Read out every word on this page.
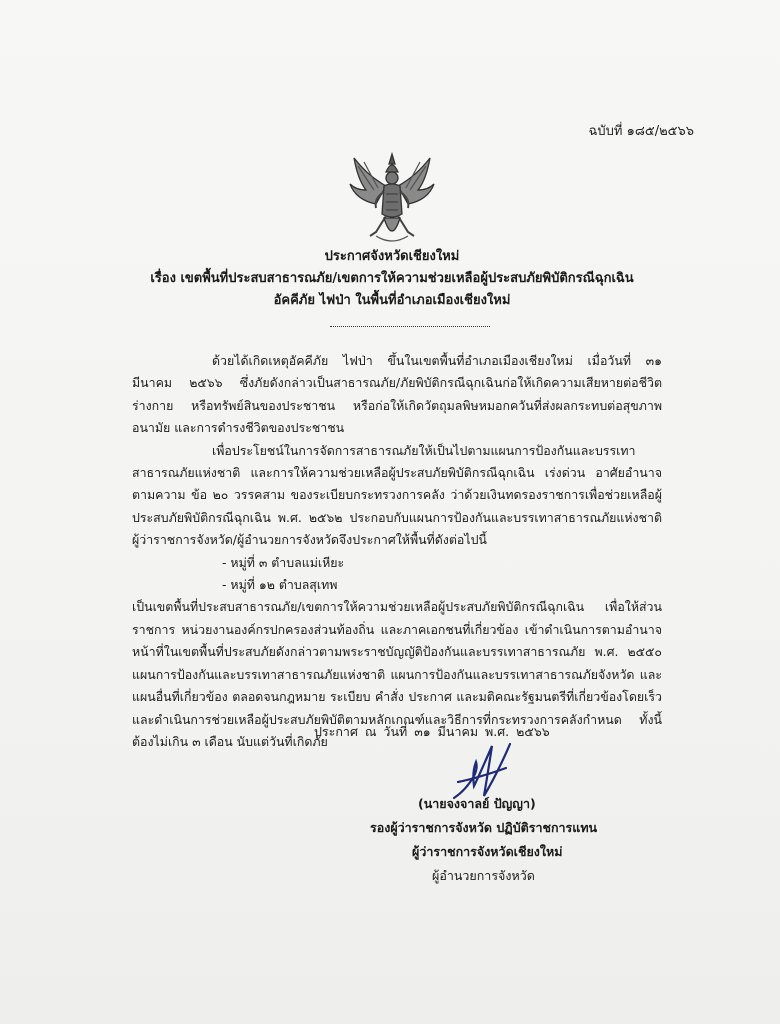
ฉบับที่ ๑๘๕/๒๕๖๖
ประกาศจังหวัดเชียงใหม่
เรื่อง เขตพื้นที่ประสบสาธารณภัย/เขตการให้ความช่วยเหลือผู้ประสบภัยพิบัติกรณีฉุกเฉิน
อัคคีภัย ไฟป่า ในพื้นที่อำเภอเมืองเชียงใหม่

ด้วยได้เกิดเหตุอัคคีภัย ไฟป่า ขึ้นในเขตพื้นที่อำเภอเมืองเชียงใหม่ เมื่อวันที่ ๓๑ มีนาคม ๒๕๖๖ ซึ่งภัยดังกล่าวเป็นสาธารณภัย/ภัยพิบัติกรณีฉุกเฉินก่อให้เกิดความเสียหายต่อชีวิต ร่างกาย หรือทรัพย์สินของประชาชน หรือก่อให้เกิดวัตถุมลพิษหมอกควันที่ส่งผลกระทบต่อสุขภาพอนามัย และการดำรงชีวิตของประชาชน

เพื่อประโยชน์ในการจัดการสาธารณภัยให้เป็นไปตามแผนการป้องกันและบรรเทาสาธารณภัยแห่งชาติ และการให้ความช่วยเหลือผู้ประสบภัยพิบัติกรณีฉุกเฉิน เร่งด่วน อาศัยอำนาจตามความ ข้อ ๒๐ วรรคสาม ของระเบียบกระทรวงการคลัง ว่าด้วยเงินทดรองราชการเพื่อช่วยเหลือผู้ประสบภัยพิบัติกรณีฉุกเฉิน พ.ศ. ๒๕๖๒ ประกอบกับแผนการป้องกันและบรรเทาสาธารณภัยแห่งชาติ ผู้ว่าราชการจังหวัด/ผู้อำนวยการจังหวัดจึงประกาศให้พื้นที่ดังต่อไปนี้

- หมู่ที่ ๓ ตำบลแม่เหียะ
- หมู่ที่ ๑๒ ตำบลสุเทพ

เป็นเขตพื้นที่ประสบสาธารณภัย/เขตการให้ความช่วยเหลือผู้ประสบภัยพิบัติกรณีฉุกเฉิน เพื่อให้ส่วนราชการ หน่วยงานองค์กรปกครองส่วนท้องถิ่น และภาคเอกชนที่เกี่ยวข้อง เข้าดำเนินการตามอำนาจหน้าที่ในเขตพื้นที่ประสบภัยดังกล่าวตามพระราชบัญญัติป้องกันและบรรเทาสาธารณภัย พ.ศ. ๒๕๕๐ แผนการป้องกันและบรรเทาสาธารณภัยแห่งชาติ แผนการป้องกันและบรรเทาสาธารณภัยจังหวัด และแผนอื่นที่เกี่ยวข้อง ตลอดจนกฎหมาย ระเบียบ คำสั่ง ประกาศ และมติคณะรัฐมนตรีที่เกี่ยวข้องโดยเร็ว และดำเนินการช่วยเหลือผู้ประสบภัยพิบัติตามหลักเกณฑ์และวิธีการที่กระทรวงการคลังกำหนด ทั้งนี้ ต้องไม่เกิน ๓ เดือน นับแต่วันที่เกิดภัย

ประกาศ ณ วันที่ ๓๑ มีนาคม พ.ศ. ๒๕๖๖
(นายจงจาลย์ ปัญญา)
รองผู้ว่าราชการจังหวัด ปฏิบัติราชการแทน
ผู้ว่าราชการจังหวัดเชียงใหม่
ผู้อำนวยการจังหวัด
